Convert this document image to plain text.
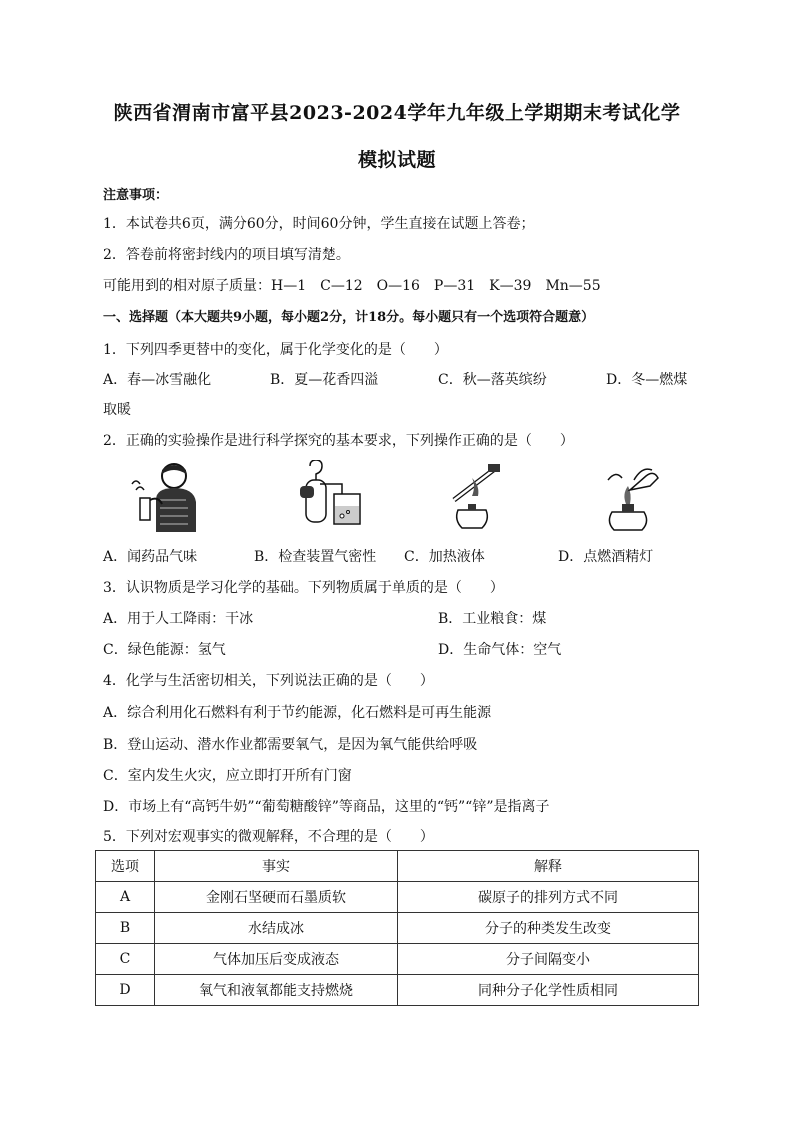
陕西省渭南市富平县2023-2024学年九年级上学期期末考试化学
模拟试题
注意事项：
1．本试卷共6页，满分60分，时间60分钟，学生直接在试题上答卷；
2．答卷前将密封线内的项目填写清楚。
可能用到的相对原子质量：H—1　C—12　O—16　P—31　K—39　Mn—55
一、选择题（本大题共9小题，每小题2分，计18分。每小题只有一个选项符合题意）
1．下列四季更替中的变化，属于化学变化的是（　　）
A．春—冰雪融化	B．夏—花香四溢	C．秋—落英缤纷	D．冬—燃煤
取暖
2．正确的实验操作是进行科学探究的基本要求，下列操作正确的是（　　）
A．闻药品气味	B．检查装置气密性 C．加热液体	D．点燃酒精灯
3．认识物质是学习化学的基础。下列物质属于单质的是（　　）
A．用于人工降雨：干冰	B．工业粮食：煤
C．绿色能源：氢气	D．生命气体：空气
4．化学与生活密切相关，下列说法正确的是（　　）
A．综合利用化石燃料有利于节约能源，化石燃料是可再生能源
B．登山运动、潜水作业都需要氧气，是因为氧气能供给呼吸
C．室内发生火灾，应立即打开所有门窗
D．市场上有“高钙牛奶”“葡萄糖酸锌”等商品，这里的“钙”“锌”是指离子
5．下列对宏观事实的微观解释，不合理的是（　　）
选项	事实	解释
A	金刚石坚硬而石墨质软	碳原子的排列方式不同
B	水结成冰	分子的种类发生改变
C	气体加压后变成液态	分子间隔变小
D	氧气和液氧都能支持燃烧	同种分子化学性质相同
